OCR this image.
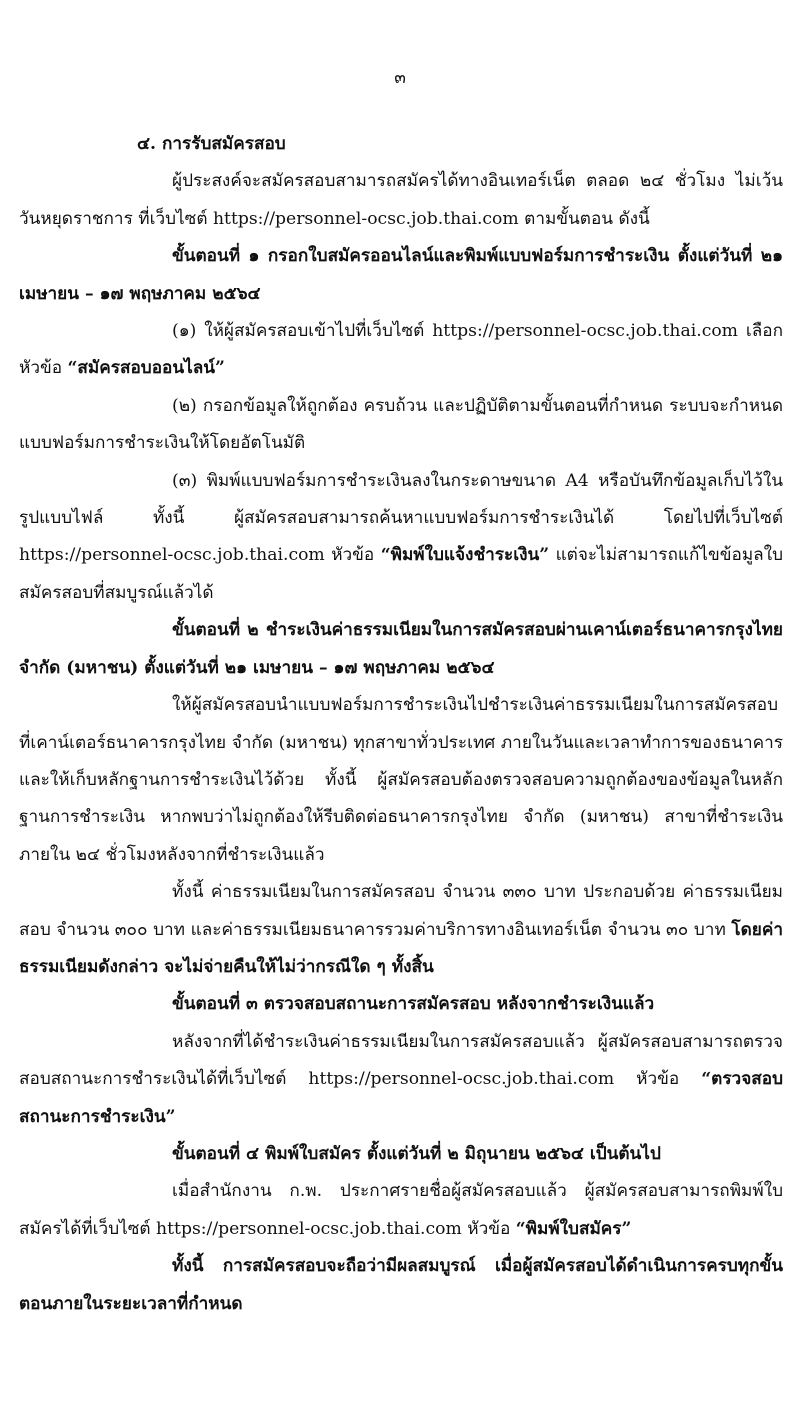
๓

๔. การรับสมัครสอบ

ผู้ประสงค์จะสมัครสอบสามารถสมัครได้ทางอินเทอร์เน็ต ตลอด ๒๔ ชั่วโมง ไม่เว้นวันหยุดราชการ ที่เว็บไซต์ https://personnel-ocsc.job.thai.com ตามขั้นตอน ดังนี้

ขั้นตอนที่ ๑ กรอกใบสมัครออนไลน์และพิมพ์แบบฟอร์มการชำระเงิน ตั้งแต่วันที่ ๒๑ เมษายน – ๑๗ พฤษภาคม ๒๕๖๔

(๑) ให้ผู้สมัครสอบเข้าไปที่เว็บไซต์ https://personnel-ocsc.job.thai.com เลือกหัวข้อ “สมัครสอบออนไลน์”

(๒) กรอกข้อมูลให้ถูกต้อง ครบถ้วน และปฏิบัติตามขั้นตอนที่กำหนด ระบบจะกำหนดแบบฟอร์มการชำระเงินให้โดยอัตโนมัติ

(๓) พิมพ์แบบฟอร์มการชำระเงินลงในกระดาษขนาด A4 หรือบันทึกข้อมูลเก็บไว้ในรูปแบบไฟล์ ทั้งนี้ ผู้สมัครสอบสามารถค้นหาแบบฟอร์มการชำระเงินได้ โดยไปที่เว็บไซต์ https://personnel-ocsc.job.thai.com หัวข้อ “พิมพ์ใบแจ้งชำระเงิน” แต่จะไม่สามารถแก้ไขข้อมูลใบสมัครสอบที่สมบูรณ์แล้วได้

ขั้นตอนที่ ๒ ชำระเงินค่าธรรมเนียมในการสมัครสอบผ่านเคาน์เตอร์ธนาคารกรุงไทย จำกัด (มหาชน) ตั้งแต่วันที่ ๒๑ เมษายน – ๑๗ พฤษภาคม ๒๕๖๔

ให้ผู้สมัครสอบนำแบบฟอร์มการชำระเงินไปชำระเงินค่าธรรมเนียมในการสมัครสอบที่เคาน์เตอร์ธนาคารกรุงไทย จำกัด (มหาชน) ทุกสาขาทั่วประเทศ ภายในวันและเวลาทำการของธนาคาร และให้เก็บหลักฐานการชำระเงินไว้ด้วย ทั้งนี้ ผู้สมัครสอบต้องตรวจสอบความถูกต้องของข้อมูลในหลักฐานการชำระเงิน หากพบว่าไม่ถูกต้องให้รีบติดต่อธนาคารกรุงไทย จำกัด (มหาชน) สาขาที่ชำระเงิน ภายใน ๒๔ ชั่วโมงหลังจากที่ชำระเงินแล้ว

ทั้งนี้ ค่าธรรมเนียมในการสมัครสอบ จำนวน ๓๓๐ บาท ประกอบด้วย ค่าธรรมเนียมสอบ จำนวน ๓๐๐ บาท และค่าธรรมเนียมธนาคารรวมค่าบริการทางอินเทอร์เน็ต จำนวน ๓๐ บาท โดยค่าธรรมเนียมดังกล่าว จะไม่จ่ายคืนให้ไม่ว่ากรณีใด ๆ ทั้งสิ้น

ขั้นตอนที่ ๓ ตรวจสอบสถานะการสมัครสอบ หลังจากชำระเงินแล้ว

หลังจากที่ได้ชำระเงินค่าธรรมเนียมในการสมัครสอบแล้ว ผู้สมัครสอบสามารถตรวจสอบสถานะการชำระเงินได้ที่เว็บไซต์ https://personnel-ocsc.job.thai.com หัวข้อ “ตรวจสอบสถานะการชำระเงิน”

ขั้นตอนที่ ๔ พิมพ์ใบสมัคร ตั้งแต่วันที่ ๒ มิถุนายน ๒๕๖๔ เป็นต้นไป

เมื่อสำนักงาน ก.พ. ประกาศรายชื่อผู้สมัครสอบแล้ว ผู้สมัครสอบสามารถพิมพ์ใบสมัครได้ที่เว็บไซต์ https://personnel-ocsc.job.thai.com หัวข้อ “พิมพ์ใบสมัคร”

ทั้งนี้ การสมัครสอบจะถือว่ามีผลสมบูรณ์ เมื่อผู้สมัครสอบได้ดำเนินการครบทุกขั้นตอนภายในระยะเวลาที่กำหนด
